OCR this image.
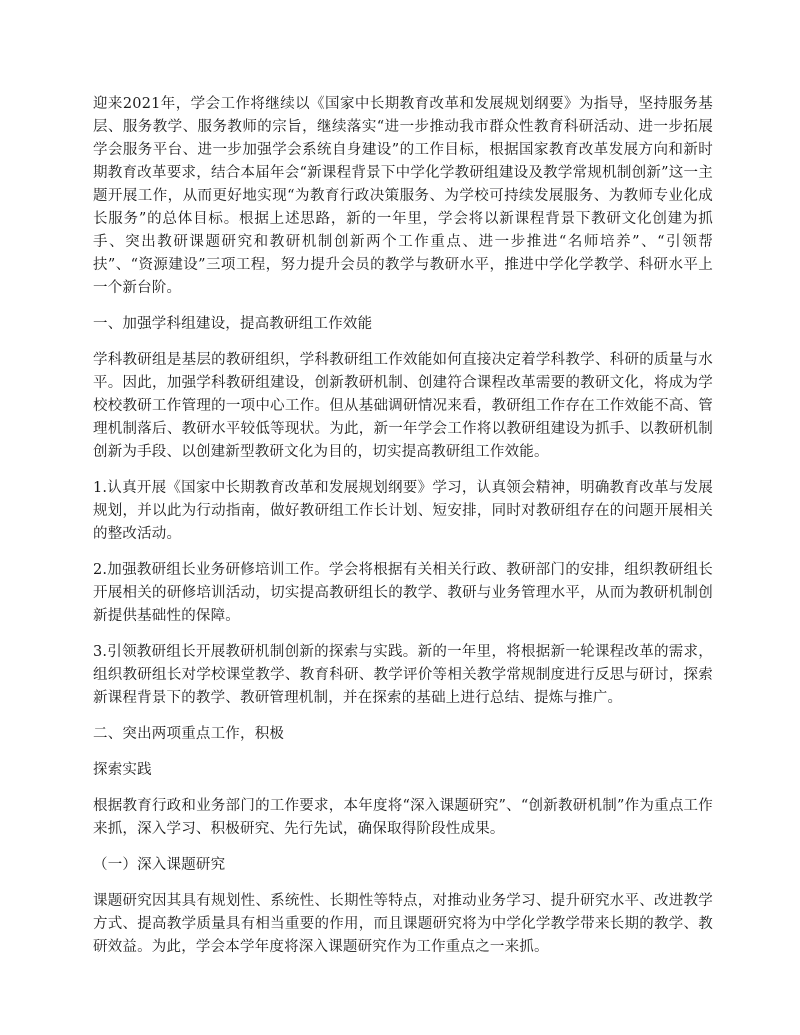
迎来2021年，学会工作将继续以《国家中长期教育改革和发展规划纲要》为指导，坚持服务基层、服务教学、服务教师的宗旨，继续落实“进一步推动我市群众性教育科研活动、进一步拓展学会服务平台、进一步加强学会系统自身建设”的工作目标，根据国家教育改革发展方向和新时期教育改革要求，结合本届年会“新课程背景下中学化学教研组建设及教学常规机制创新”这一主题开展工作，从而更好地实现“为教育行政决策服务、为学校可持续发展服务、为教师专业化成长服务”的总体目标。根据上述思路，新的一年里，学会将以新课程背景下教研文化创建为抓手、突出教研课题研究和教研机制创新两个工作重点、进一步推进“名师培养”、“引领帮扶”、“资源建设”三项工程，努力提升会员的教学与教研水平，推进中学化学教学、科研水平上一个新台阶。

一、加强学科组建设，提高教研组工作效能

学科教研组是基层的教研组织，学科教研组工作效能如何直接决定着学科教学、科研的质量与水平。因此，加强学科教研组建设，创新教研机制、创建符合课程改革需要的教研文化，将成为学校校教研工作管理的一项中心工作。但从基础调研情况来看，教研组工作存在工作效能不高、管理机制落后、教研水平较低等现状。为此，新一年学会工作将以教研组建设为抓手、以教研机制创新为手段、以创建新型教研文化为目的，切实提高教研组工作效能。

1.认真开展《国家中长期教育改革和发展规划纲要》学习，认真领会精神，明确教育改革与发展规划，并以此为行动指南，做好教研组工作长计划、短安排，同时对教研组存在的问题开展相关的整改活动。

2.加强教研组长业务研修培训工作。学会将根据有关相关行政、教研部门的安排，组织教研组长开展相关的研修培训活动，切实提高教研组长的教学、教研与业务管理水平，从而为教研机制创新提供基础性的保障。

3.引领教研组长开展教研机制创新的探索与实践。新的一年里，将根据新一轮课程改革的需求，组织教研组长对学校课堂教学、教育科研、教学评价等相关教学常规制度进行反思与研讨，探索新课程背景下的教学、教研管理机制，并在探索的基础上进行总结、提炼与推广。

二、突出两项重点工作，积极

探索实践

根据教育行政和业务部门的工作要求，本年度将“深入课题研究”、“创新教研机制”作为重点工作来抓，深入学习、积极研究、先行先试，确保取得阶段性成果。

（一）深入课题研究

课题研究因其具有规划性、系统性、长期性等特点，对推动业务学习、提升研究水平、改进教学方式、提高教学质量具有相当重要的作用，而且课题研究将为中学化学教学带来长期的教学、教研效益。为此，学会本学年度将深入课题研究作为工作重点之一来抓。
